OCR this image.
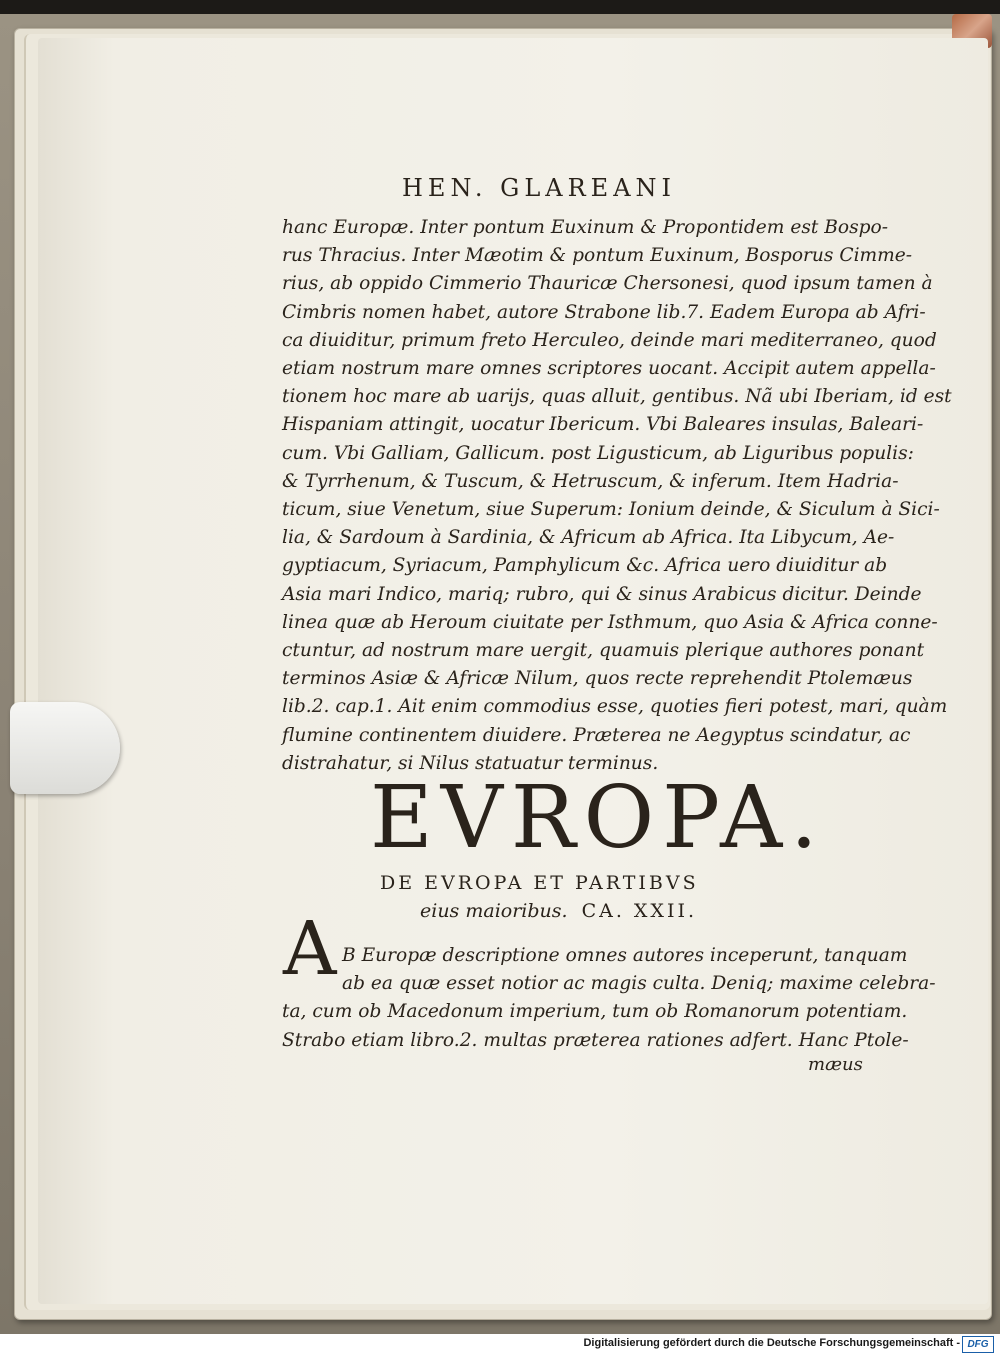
HEN. GLAREANI
hanc Europæ. Inter pontum Euxinum & Propontidem est Bospo-
rus Thracius. Inter Mæotim & pontum Euxinum, Bosporus Cimme-
rius, ab oppido Cimmerio Thauricæ Chersonesi, quod ipsum tamen à
Cimbris nomen habet, autore Strabone lib.7. Eadem Europa ab Afri-
ca diuiditur, primum freto Herculeo, deinde mari mediterraneo, quod
etiam nostrum mare omnes scriptores uocant. Accipit autem appella-
tionem hoc mare ab uarijs, quas alluit, gentibus. Nã ubi Iberiam, id est
Hispaniam attingit, uocatur Ibericum. Vbi Baleares insulas, Baleari-
cum. Vbi Galliam, Gallicum. post Ligusticum, ab Liguribus populis:
& Tyrrhenum, & Tuscum, & Hetruscum, & inferum. Item Hadria-
ticum, siue Venetum, siue Superum: Ionium deinde, & Siculum à Sici-
lia, & Sardoum à Sardinia, & Africum ab Africa. Ita Libycum, Ae-
gyptiacum, Syriacum, Pamphylicum &c. Africa uero diuiditur ab
Asia mari Indico, mariq; rubro, qui & sinus Arabicus dicitur. Deinde
linea quæ ab Heroum ciuitate per Isthmum, quo Asia & Africa conne-
ctuntur, ad nostrum mare uergit, quamuis plerique authores ponant
terminos Asiæ & Africæ Nilum, quos recte reprehendit Ptolemæus
lib.2. cap.1. Ait enim commodius esse, quoties fieri potest, mari, quàm
flumine continentem diuidere. Præterea ne Aegyptus scindatur, ac
distrahatur, si Nilus statuatur terminus.
EVROPA.
DE EVROPA ET PARTIBVS
eius maioribus. CA. XXII.
A B Europæ descriptione omnes autores inceperunt, tanquam
ab ea quæ esset notior ac magis culta. Deniq; maxime celebra-
ta, cum ob Macedonum imperium, tum ob Romanorum potentiam.
Strabo etiam libro.2. multas præterea rationes adfert. Hanc Ptole-
mæus
Digitalisierung gefördert durch die Deutsche Forschungsgemeinschaft - DFG
